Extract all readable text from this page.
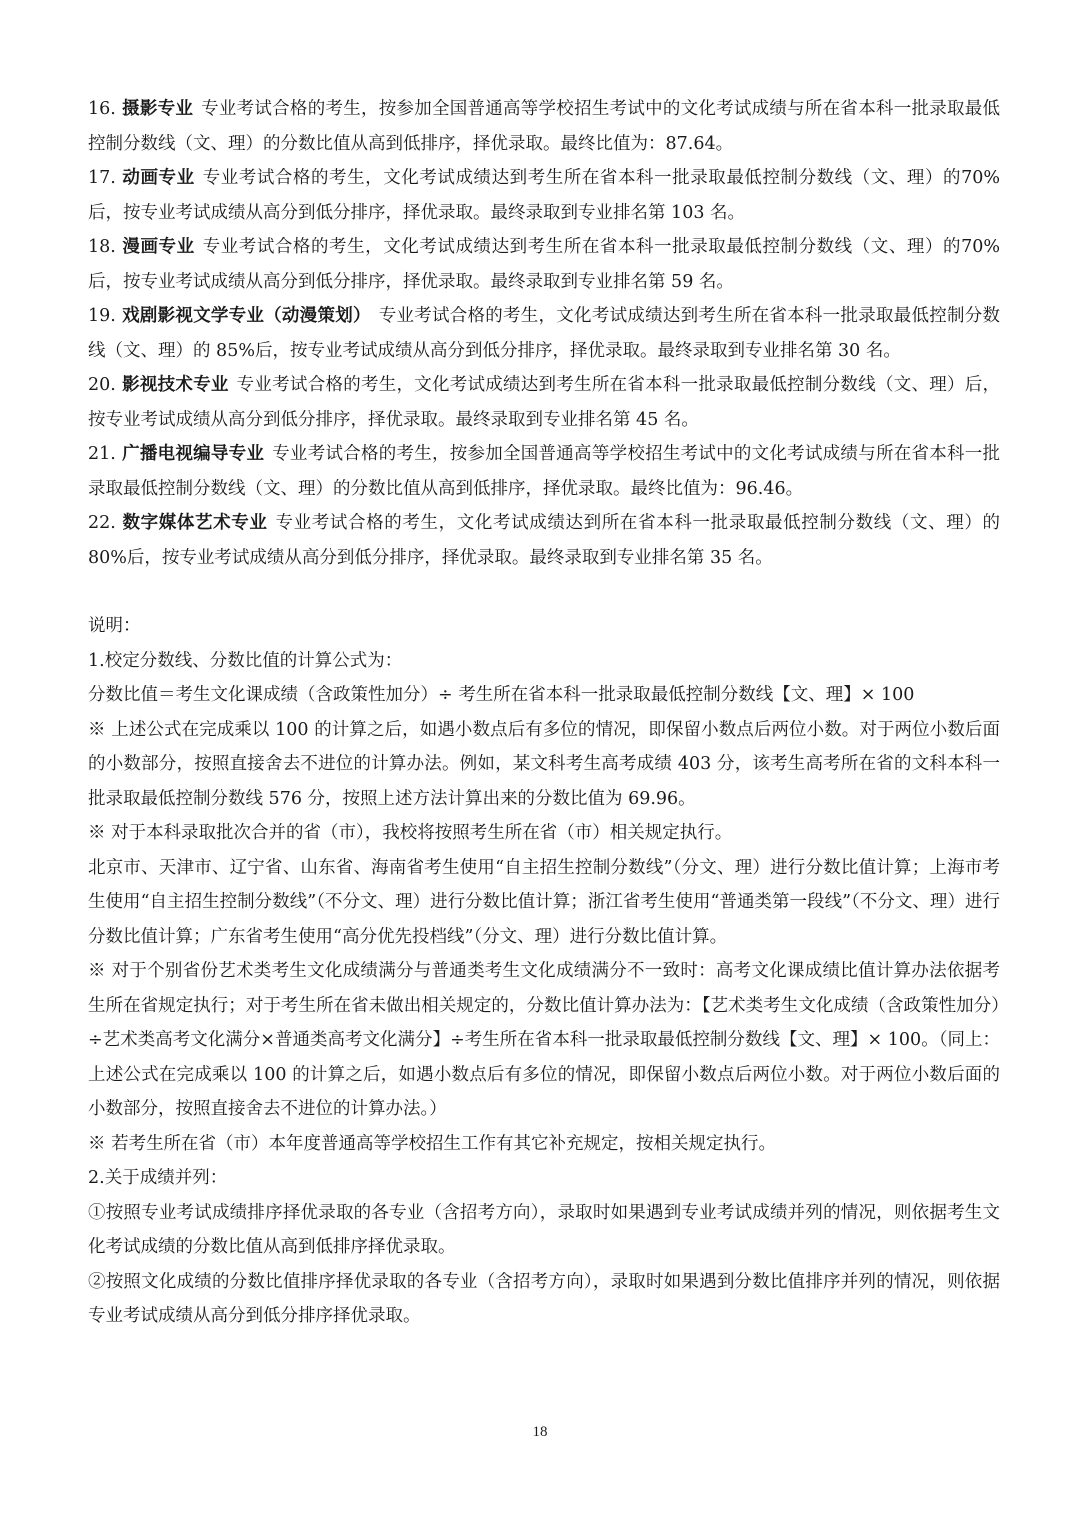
16. 摄影专业 专业考试合格的考生，按参加全国普通高等学校招生考试中的文化考试成绩与所在省本科一批录取最低控制分数线（文、理）的分数比值从高到低排序，择优录取。最终比值为：87.64。
17. 动画专业 专业考试合格的考生，文化考试成绩达到考生所在省本科一批录取最低控制分数线（文、理）的70%后，按专业考试成绩从高分到低分排序，择优录取。最终录取到专业排名第 103 名。
18. 漫画专业 专业考试合格的考生，文化考试成绩达到考生所在省本科一批录取最低控制分数线（文、理）的70%后，按专业考试成绩从高分到低分排序，择优录取。最终录取到专业排名第 59 名。
19. 戏剧影视文学专业（动漫策划） 专业考试合格的考生，文化考试成绩达到考生所在省本科一批录取最低控制分数线（文、理）的 85%后，按专业考试成绩从高分到低分排序，择优录取。最终录取到专业排名第 30 名。
20. 影视技术专业 专业考试合格的考生，文化考试成绩达到考生所在省本科一批录取最低控制分数线（文、理）后，按专业考试成绩从高分到低分排序，择优录取。最终录取到专业排名第 45 名。
21. 广播电视编导专业 专业考试合格的考生，按参加全国普通高等学校招生考试中的文化考试成绩与所在省本科一批录取最低控制分数线（文、理）的分数比值从高到低排序，择优录取。最终比值为：96.46。
22. 数字媒体艺术专业 专业考试合格的考生，文化考试成绩达到所在省本科一批录取最低控制分数线（文、理）的 80%后，按专业考试成绩从高分到低分排序，择优录取。最终录取到专业排名第 35 名。
说明：
1.校定分数线、分数比值的计算公式为：
分数比值＝考生文化课成绩（含政策性加分）÷ 考生所在省本科一批录取最低控制分数线【文、理】× 100
※ 上述公式在完成乘以 100 的计算之后，如遇小数点后有多位的情况，即保留小数点后两位小数。对于两位小数后面的小数部分，按照直接舍去不进位的计算办法。例如，某文科考生高考成绩 403 分，该考生高考所在省的文科本科一批录取最低控制分数线 576 分，按照上述方法计算出来的分数比值为 69.96。
※ 对于本科录取批次合并的省（市），我校将按照考生所在省（市）相关规定执行。
北京市、天津市、辽宁省、山东省、海南省考生使用“自主招生控制分数线”（分文、理）进行分数比值计算；上海市考生使用“自主招生控制分数线”（不分文、理）进行分数比值计算；浙江省考生使用“普通类第一段线”（不分文、理）进行分数比值计算；广东省考生使用“高分优先投档线”（分文、理）进行分数比值计算。
※ 对于个别省份艺术类考生文化成绩满分与普通类考生文化成绩满分不一致时：高考文化课成绩比值计算办法依据考生所在省规定执行；对于考生所在省未做出相关规定的，分数比值计算办法为：【艺术类考生文化成绩（含政策性加分）÷艺术类高考文化满分×普通类高考文化满分】÷考生所在省本科一批录取最低控制分数线【文、理】× 100。（同上：上述公式在完成乘以 100 的计算之后，如遇小数点后有多位的情况，即保留小数点后两位小数。对于两位小数后面的小数部分，按照直接舍去不进位的计算办法。）
※ 若考生所在省（市）本年度普通高等学校招生工作有其它补充规定，按相关规定执行。
2.关于成绩并列：
①按照专业考试成绩排序择优录取的各专业（含招考方向），录取时如果遇到专业考试成绩并列的情况，则依据考生文化考试成绩的分数比值从高到低排序择优录取。
②按照文化成绩的分数比值排序择优录取的各专业（含招考方向），录取时如果遇到分数比值排序并列的情况，则依据专业考试成绩从高分到低分排序择优录取。
18
